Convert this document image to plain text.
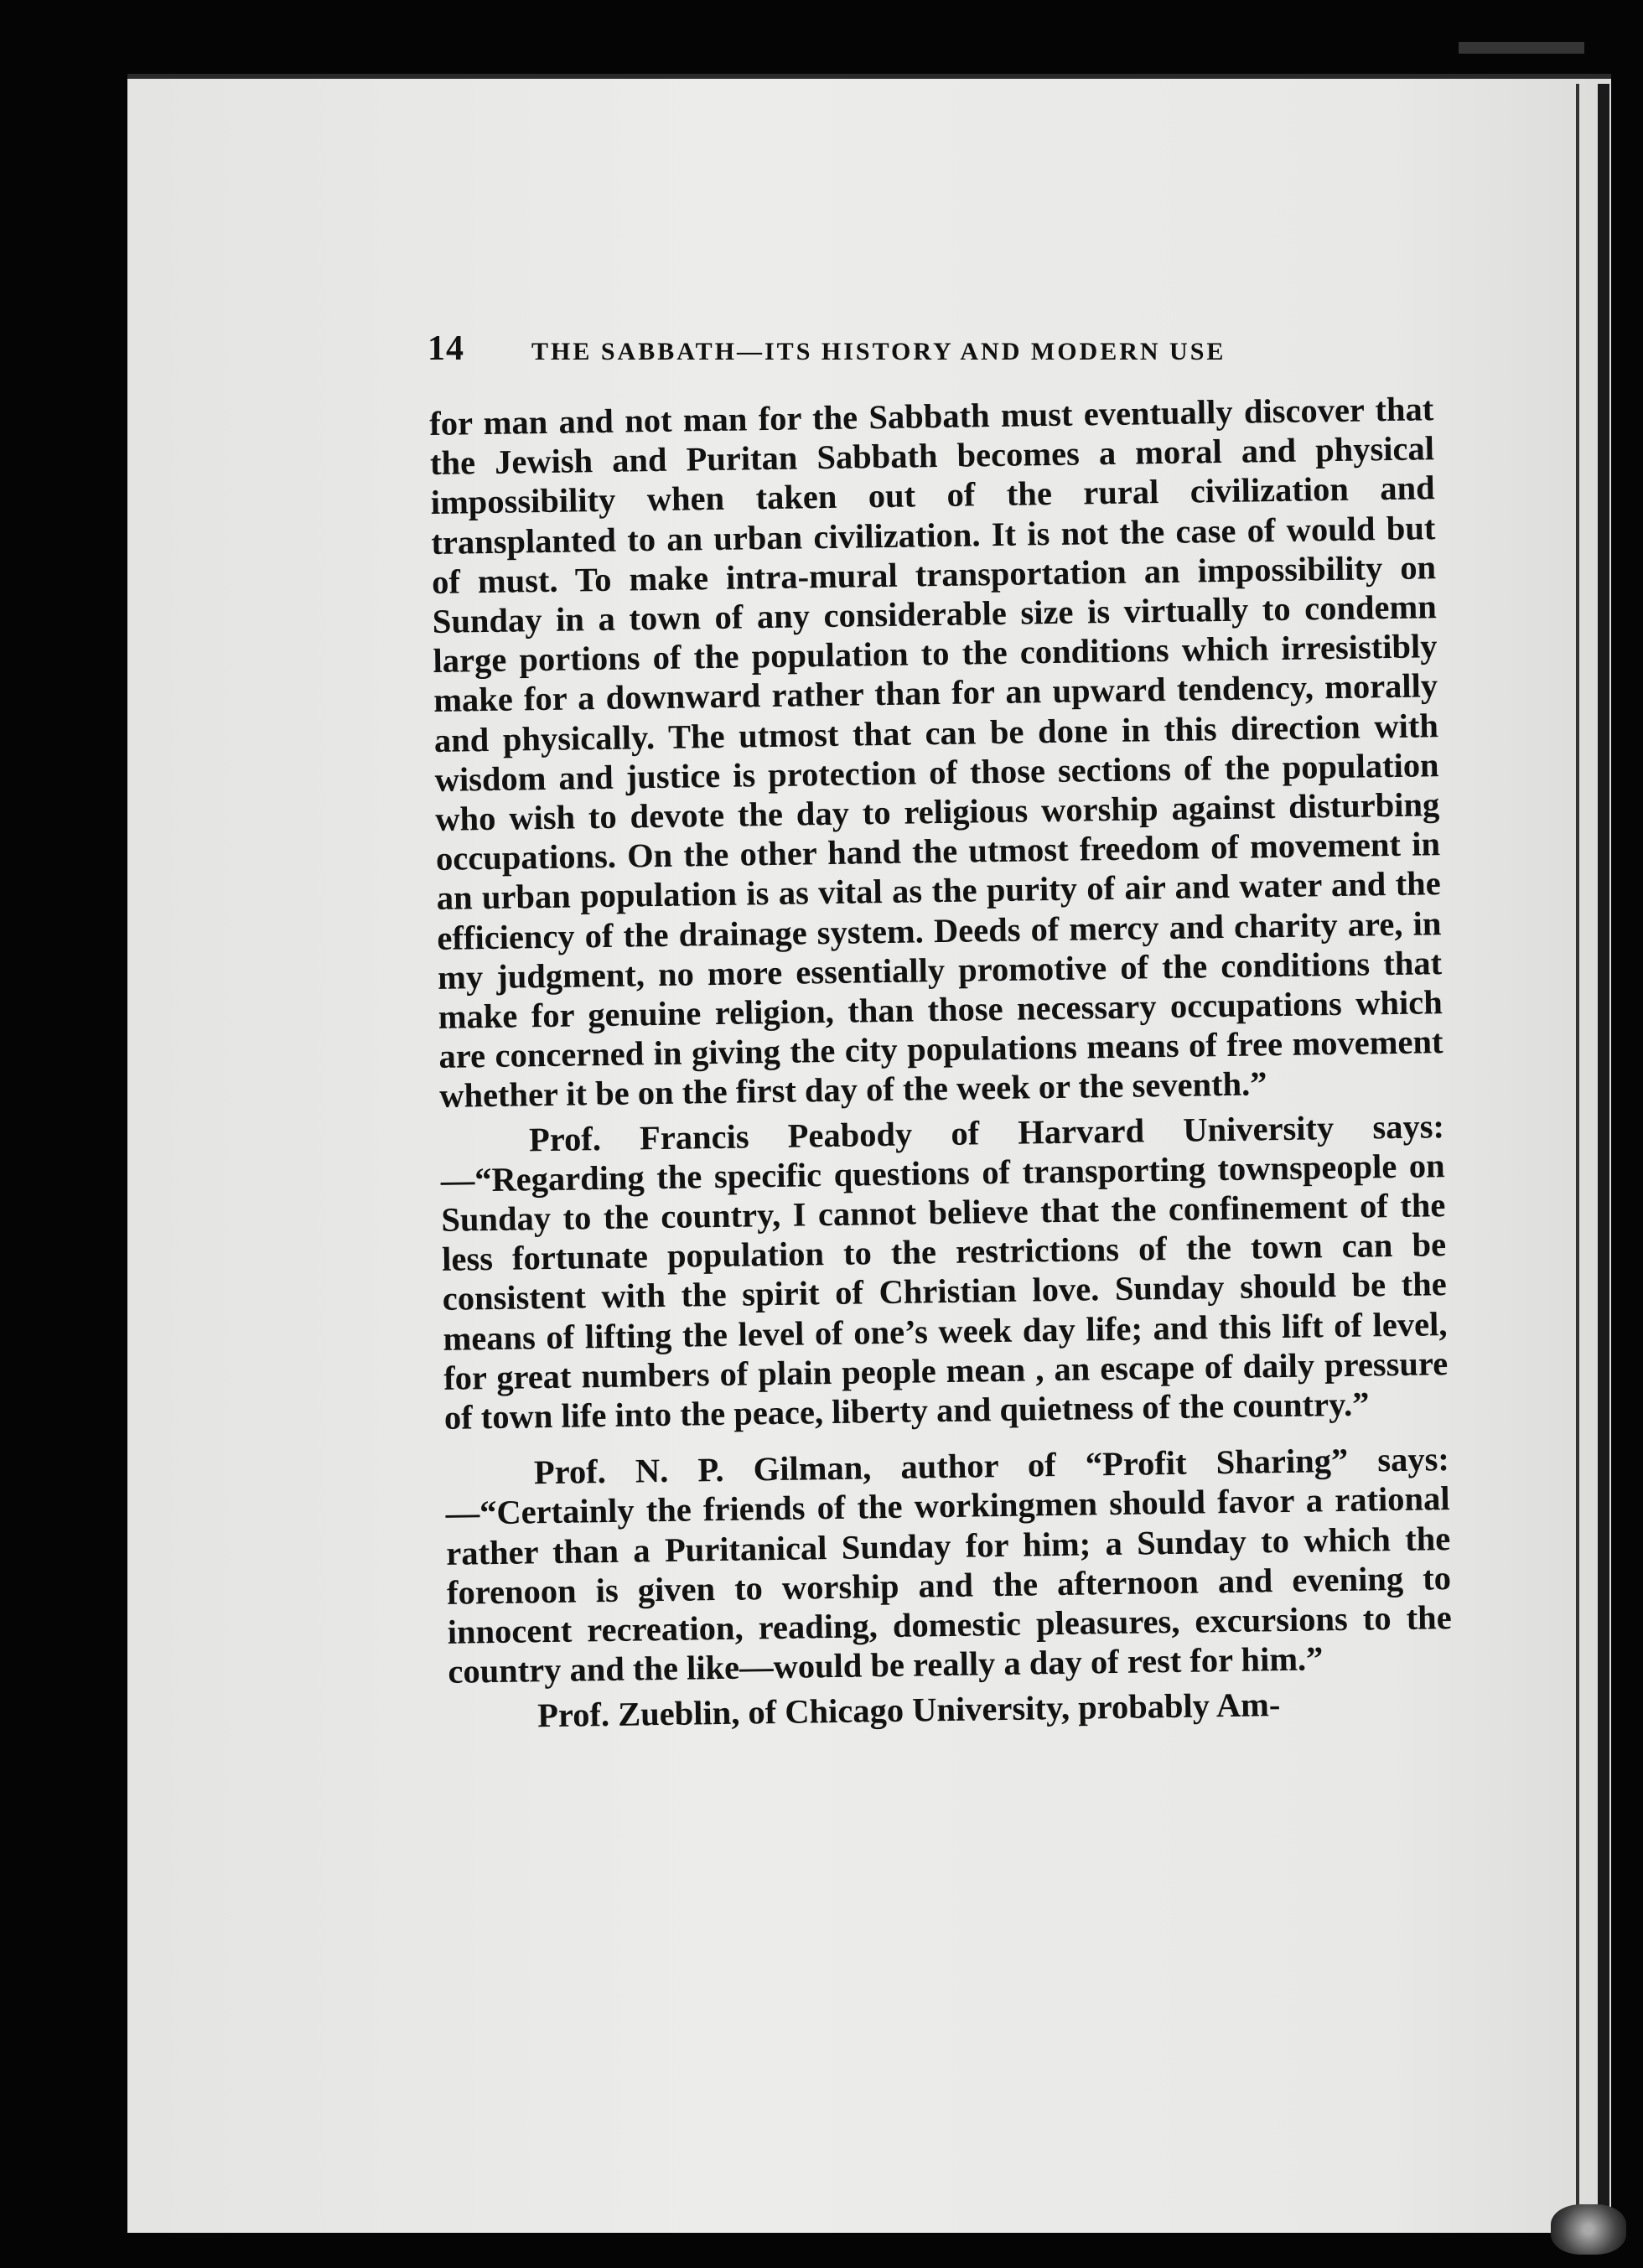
14	THE SABBATH—ITS HISTORY AND MODERN USE

for man and not man for the Sabbath must eventually discover that the Jewish and Puritan Sabbath becomes a moral and physical impossibility when taken out of the rural civilization and transplanted to an urban civilization. It is not the case of would but of must. To make intra-mural transportation an impossibility on Sunday in a town of any considerable size is virtually to condemn large portions of the population to the conditions which irresistibly make for a downward rather than for an upward tendency, morally and physically. The utmost that can be done in this direction with wisdom and justice is protection of those sections of the population who wish to devote the day to religious worship against disturbing occupations. On the other hand the utmost freedom of movement in an urban population is as vital as the purity of air and water and the efficiency of the drainage system. Deeds of mercy and charity are, in my judgment, no more essentially promotive of the conditions that make for genuine religion, than those necessary occupations which are concerned in giving the city populations means of free movement whether it be on the first day of the week or the seventh.”

Prof. Francis Peabody of Harvard University says:—“Regarding the specific questions of transporting townspeople on Sunday to the country, I cannot believe that the confinement of the less fortunate population to the restrictions of the town can be consistent with the spirit of Christian love. Sunday should be the means of lifting the level of one’s week day life; and this lift of level, for great numbers of plain people mean , an escape of daily pressure of town life into the peace, liberty and quietness of the country.”

Prof. N. P. Gilman, author of “Profit Sharing” says:—“Certainly the friends of the workingmen should favor a rational rather than a Puritanical Sunday for him; a Sunday to which the forenoon is given to worship and the afternoon and evening to innocent recreation, reading, domestic pleasures, excursions to the country and the like—would be really a day of rest for him.”

Prof. Zueblin, of Chicago University, probably Am-
